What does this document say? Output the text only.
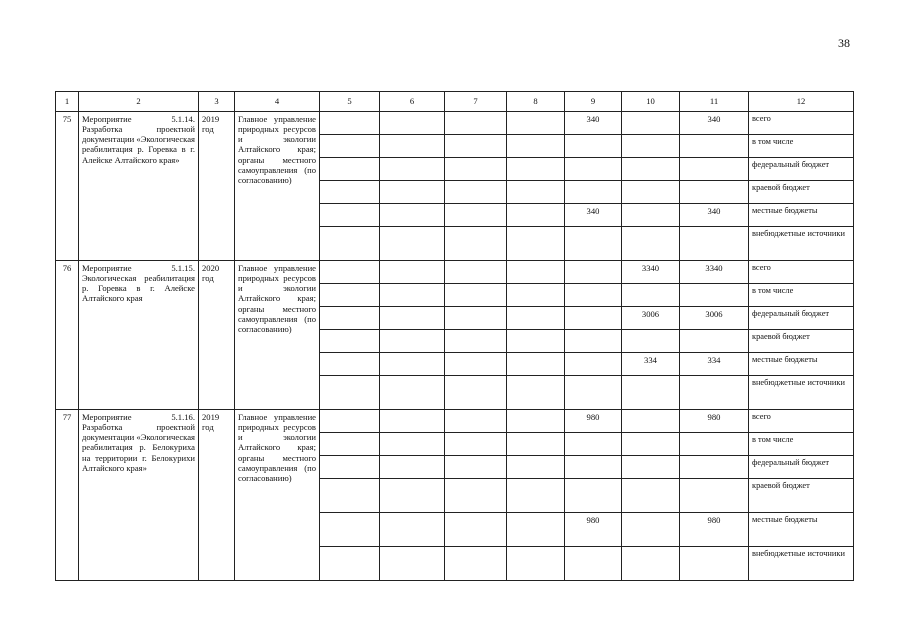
38
1	2	3	4	5	6	7	8	9	10	11	12
75	Мероприятие 5.1.14. Разработка проектной документации «Экологическая реабилитация р. Горевка в г. Алейске Алтайского края»	2019 год	Главное управление природных ресурсов и экологии Алтайского края; органы местного самоуправления (по согласованию)					340		340	всего
											в том числе
											федеральный бюджет
											краевой бюджет
								340		340	местные бюджеты
											внебюджетные источники
76	Мероприятие 5.1.15. Экологическая реабилитация р. Горевка в г. Алейске Алтайского края	2020 год	Главное управление природных ресурсов и экологии Алтайского края; органы местного самоуправления (по согласованию)						3340	3340	всего
											в том числе
									3006	3006	федеральный бюджет
											краевой бюджет
									334	334	местные бюджеты
											внебюджетные источники
77	Мероприятие 5.1.16. Разработка проектной документации «Экологическая реабилитация р. Белокуриха на территории г. Белокурихи Алтайского края»	2019 год	Главное управление природных ресурсов и экологии Алтайского края; органы местного самоуправления (по согласованию)					980		980	всего
											в том числе
											федеральный бюджет
											краевой бюджет
								980		980	местные бюджеты
											внебюджетные источники
